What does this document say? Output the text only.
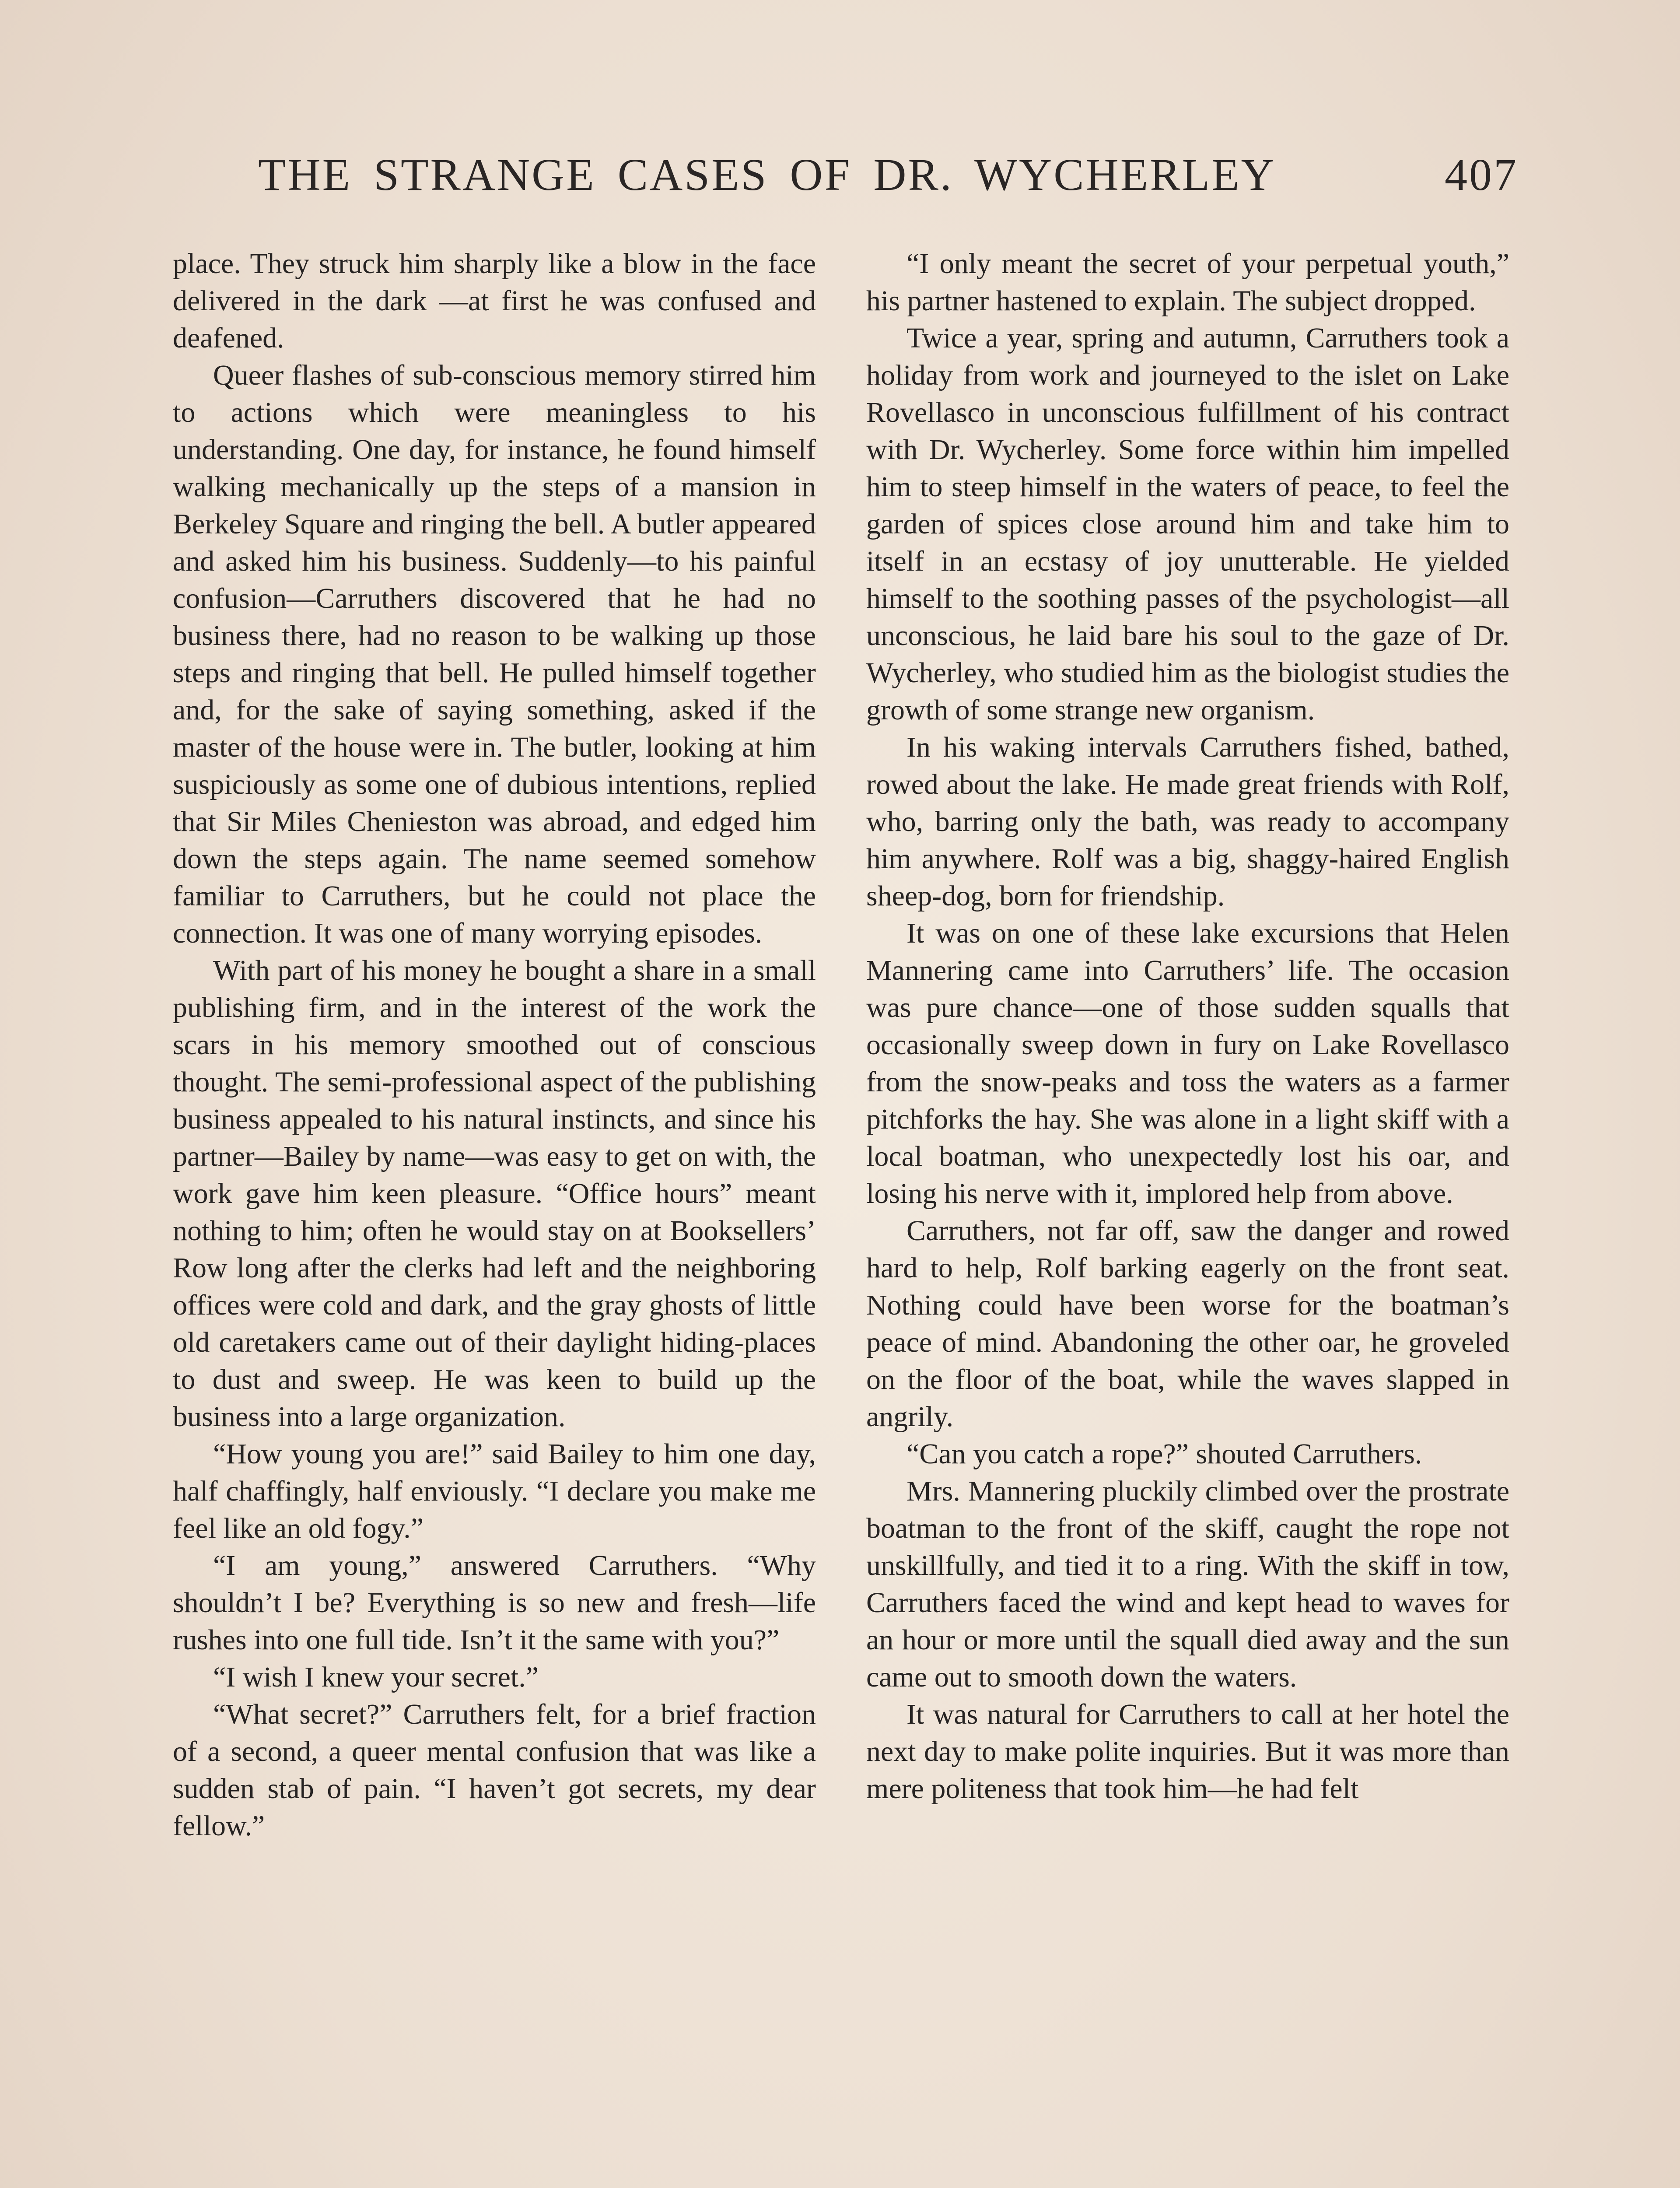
THE STRANGE CASES OF DR. WYCHERLEY	407

place. They struck him sharply like a blow in the face delivered in the dark —at first he was confused and deafened.

Queer flashes of sub-conscious memory stirred him to actions which were meaningless to his understanding. One day, for instance, he found himself walking mechanically up the steps of a mansion in Berkeley Square and ringing the bell. A butler appeared and asked him his business. Suddenly—to his painful confusion—Carruthers discovered that he had no business there, had no reason to be walking up those steps and ringing that bell. He pulled himself together and, for the sake of saying something, asked if the master of the house were in. The butler, looking at him suspiciously as some one of dubious intentions, replied that Sir Miles Chenieston was abroad, and edged him down the steps again. The name seemed somehow familiar to Carruthers, but he could not place the connection. It was one of many worrying episodes.

With part of his money he bought a share in a small publishing firm, and in the interest of the work the scars in his memory smoothed out of conscious thought. The semi-professional aspect of the publishing business appealed to his natural instincts, and since his partner—Bailey by name—was easy to get on with, the work gave him keen pleasure. “Office hours” meant nothing to him; often he would stay on at Booksellers’ Row long after the clerks had left and the neighboring offices were cold and dark, and the gray ghosts of little old caretakers came out of their daylight hiding-places to dust and sweep. He was keen to build up the business into a large organization.

“How young you are!” said Bailey to him one day, half chaffingly, half enviously. “I declare you make me feel like an old fogy.”

“I am young,” answered Carruthers. “Why shouldn’t I be? Everything is so new and fresh—life rushes into one full tide. Isn’t it the same with you?”

“I wish I knew your secret.”

“What secret?” Carruthers felt, for a brief fraction of a second, a queer mental confusion that was like a sudden stab of pain. “I haven’t got secrets, my dear fellow.”

“I only meant the secret of your perpetual youth,” his partner hastened to explain. The subject dropped.

Twice a year, spring and autumn, Carruthers took a holiday from work and journeyed to the islet on Lake Rovellasco in unconscious fulfillment of his contract with Dr. Wycherley. Some force within him impelled him to steep himself in the waters of peace, to feel the garden of spices close around him and take him to itself in an ecstasy of joy unutterable. He yielded himself to the soothing passes of the psychologist—all unconscious, he laid bare his soul to the gaze of Dr. Wycherley, who studied him as the biologist studies the growth of some strange new organism.

In his waking intervals Carruthers fished, bathed, rowed about the lake. He made great friends with Rolf, who, barring only the bath, was ready to accompany him anywhere. Rolf was a big, shaggy-haired English sheep-dog, born for friendship.

It was on one of these lake excursions that Helen Mannering came into Carruthers’ life. The occasion was pure chance—one of those sudden squalls that occasionally sweep down in fury on Lake Rovellasco from the snow-peaks and toss the waters as a farmer pitchforks the hay. She was alone in a light skiff with a local boatman, who unexpectedly lost his oar, and losing his nerve with it, implored help from above.

Carruthers, not far off, saw the danger and rowed hard to help, Rolf barking eagerly on the front seat. Nothing could have been worse for the boatman’s peace of mind. Abandoning the other oar, he groveled on the floor of the boat, while the waves slapped in angrily.

“Can you catch a rope?” shouted Carruthers.

Mrs. Mannering pluckily climbed over the prostrate boatman to the front of the skiff, caught the rope not unskillfully, and tied it to a ring. With the skiff in tow, Carruthers faced the wind and kept head to waves for an hour or more until the squall died away and the sun came out to smooth down the waters.

It was natural for Carruthers to call at her hotel the next day to make polite inquiries. But it was more than mere politeness that took him—he had felt
